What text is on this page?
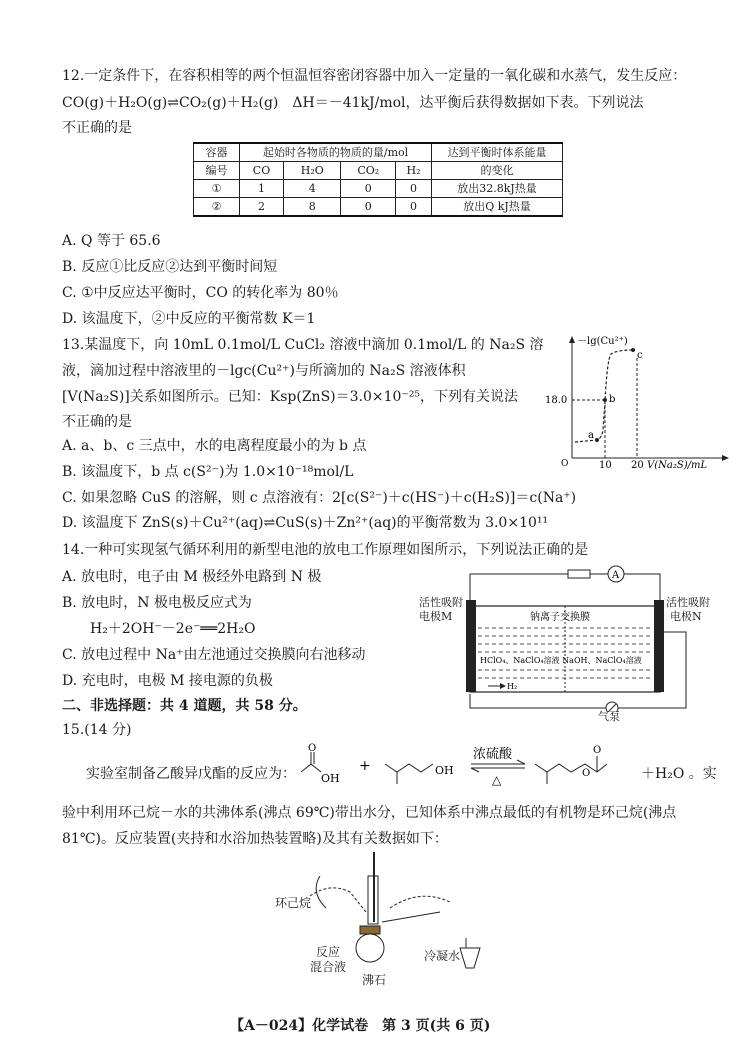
12.一定条件下，在容积相等的两个恒温恒容密闭容器中加入一定量的一氧化碳和水蒸气，发生反应：
CO(g)＋H₂O(g)⇌CO₂(g)＋H₂(g)　ΔH＝－41kJ/mol，达平衡后获得数据如下表。下列说法
不正确的是
容器	起始时各物质的物质的量/mol				达到平衡时体系能量
编号	CO	H₂O	CO₂	H₂	的变化
①	1	4	0	0	放出32.8kJ热量
②	2	8	0	0	放出Q kJ热量
A. Q 等于 65.6
B. 反应①比反应②达到平衡时间短
C. ①中反应达平衡时，CO 的转化率为 80％
D. 该温度下，②中反应的平衡常数 K＝1
13.某温度下，向 10mL 0.1mol/L CuCl₂ 溶液中滴加 0.1mol/L 的 Na₂S 溶
液，滴加过程中溶液里的－lgc(Cu²⁺)与所滴加的 Na₂S 溶液体积
[V(Na₂S)]关系如图所示。已知：Ksp(ZnS)＝3.0×10⁻²⁵，下列有关说法
不正确的是
－lg(Cu²⁺)
18.0
a
b
c
O	10 20 V(Na₂S)/mL
A. a、b、c 三点中，水的电离程度最小的为 b 点
B. 该温度下，b 点 c(S²⁻)为 1.0×10⁻¹⁸mol/L
C. 如果忽略 CuS 的溶解，则 c 点溶液有：2[c(S²⁻)＋c(HS⁻)＋c(H₂S)]＝c(Na⁺)
D. 该温度下 ZnS(s)＋Cu²⁺(aq)⇌CuS(s)＋Zn²⁺(aq)的平衡常数为 3.0×10¹¹
14.一种可实现氢气循环利用的新型电池的放电工作原理如图所示，下列说法正确的是
A. 放电时，电子由 M 极经外电路到 N 极
B. 放电时，N 极电极反应式为
H₂＋2OH⁻－2e⁻══2H₂O
C. 放电过程中 Na⁺由左池通过交换膜向右池移动
D. 充电时，电极 M 接电源的负极
A
钠离子交换膜
HClO₄、NaClO₄溶液 NaOH、NaClO₄溶液
H₂
活性吸附
电极M
活性吸附
电极N
气泵
二、非选择题：共 4 道题，共 58 分。
15.(14 分)
实验室制备乙酸异戊酯的反应为：
O
OH
+	OH
浓硫酸
△	O
O
＋H₂O 。实
验中利用环己烷－水的共沸体系(沸点 69℃)带出水分，已知体系中沸点最低的有机物是环己烷(沸点
81℃)。反应装置(夹持和水浴加热装置略)及其有关数据如下：
环己烷
反应
混合液
沸石
冷凝水
【A－024】化学试卷　第 3 页(共 6 页)
